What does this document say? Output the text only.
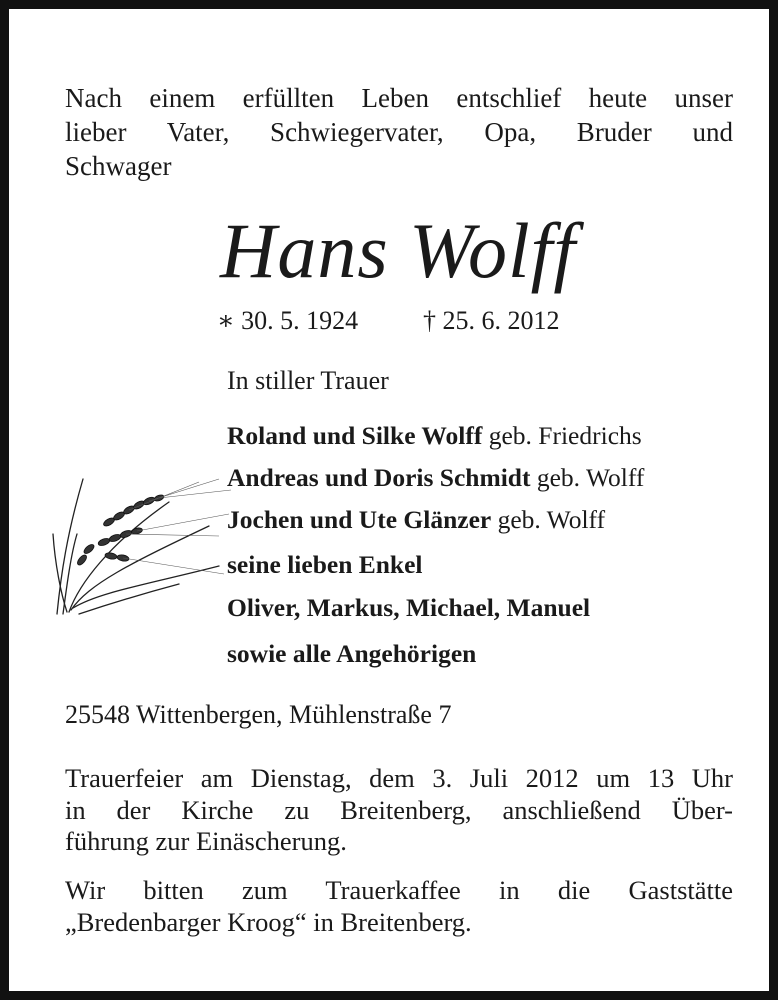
Nach einem erfüllten Leben entschlief heute unser
lieber Vater, Schwiegervater, Opa, Bruder und
Schwager
Hans Wolff
∗ 30. 5. 1924 † 25. 6. 2012
In stiller Trauer
Roland und Silke Wolff geb. Friedrichs
Andreas und Doris Schmidt geb. Wolff
Jochen und Ute Glänzer geb. Wolff
seine lieben Enkel
Oliver, Markus, Michael, Manuel
sowie alle Angehörigen
25548 Wittenbergen, Mühlenstraße 7
Trauerfeier am Dienstag, dem 3. Juli 2012 um 13 Uhr
in der Kirche zu Breitenberg, anschließend Über-
führung zur Einäscherung.
Wir bitten zum Trauerkaffee in die Gaststätte
„Bredenbarger Kroog“ in Breitenberg.
